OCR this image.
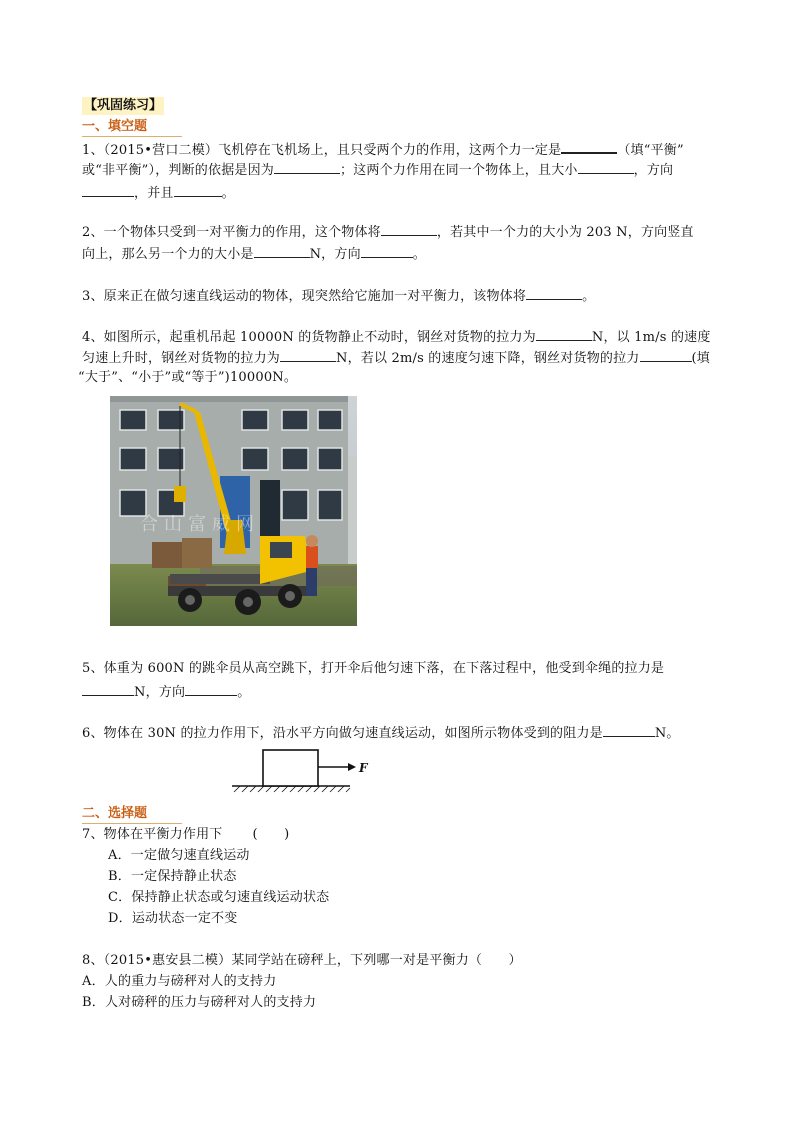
【巩固练习】
一、填空题
1、（2015•营口二模）飞机停在飞机场上，且只受两个力的作用，这两个力一定是	（填“平衡”
或“非平衡”），判断的依据是因为	；这两个力作用在同一个物体上，且大小	，方向
，并且	。
2、一个物体只受到一对平衡力的作用，这个物体将	，若其中一个力的大小为 203 N，方向竖直
向上，那么另一个力的大小是	N，方向	。
3、原来正在做匀速直线运动的物体，现突然给它施加一对平衡力，该物体将	。
4、如图所示，起重机吊起 10000N 的货物静止不动时，钢丝对货物的拉力为	N，以 1m/s 的速度
匀速上升时，钢丝对货物的拉力为	N，若以 2m/s 的速度匀速下降，钢丝对货物的拉力	(填
“大于”、“小于”或“等于”)10000N。
合山富威网
5、体重为 600N 的跳伞员从高空跳下，打开伞后他匀速下落，在下落过程中，他受到伞绳的拉力是
N，方向	。
6、物体在 30N 的拉力作用下，沿水平方向做匀速直线运动，如图所示物体受到的阻力是	N。
F
二、选择题
7、物体在平衡力作用下 (　　)
A．一定做匀速直线运动
B．一定保持静止状态
C．保持静止状态或匀速直线运动状态
D．运动状态一定不变
8、（2015•惠安县二模）某同学站在磅秤上，下列哪一对是平衡力（　　）
A．人的重力与磅秤对人的支持力
B．人对磅秤的压力与磅秤对人的支持力
